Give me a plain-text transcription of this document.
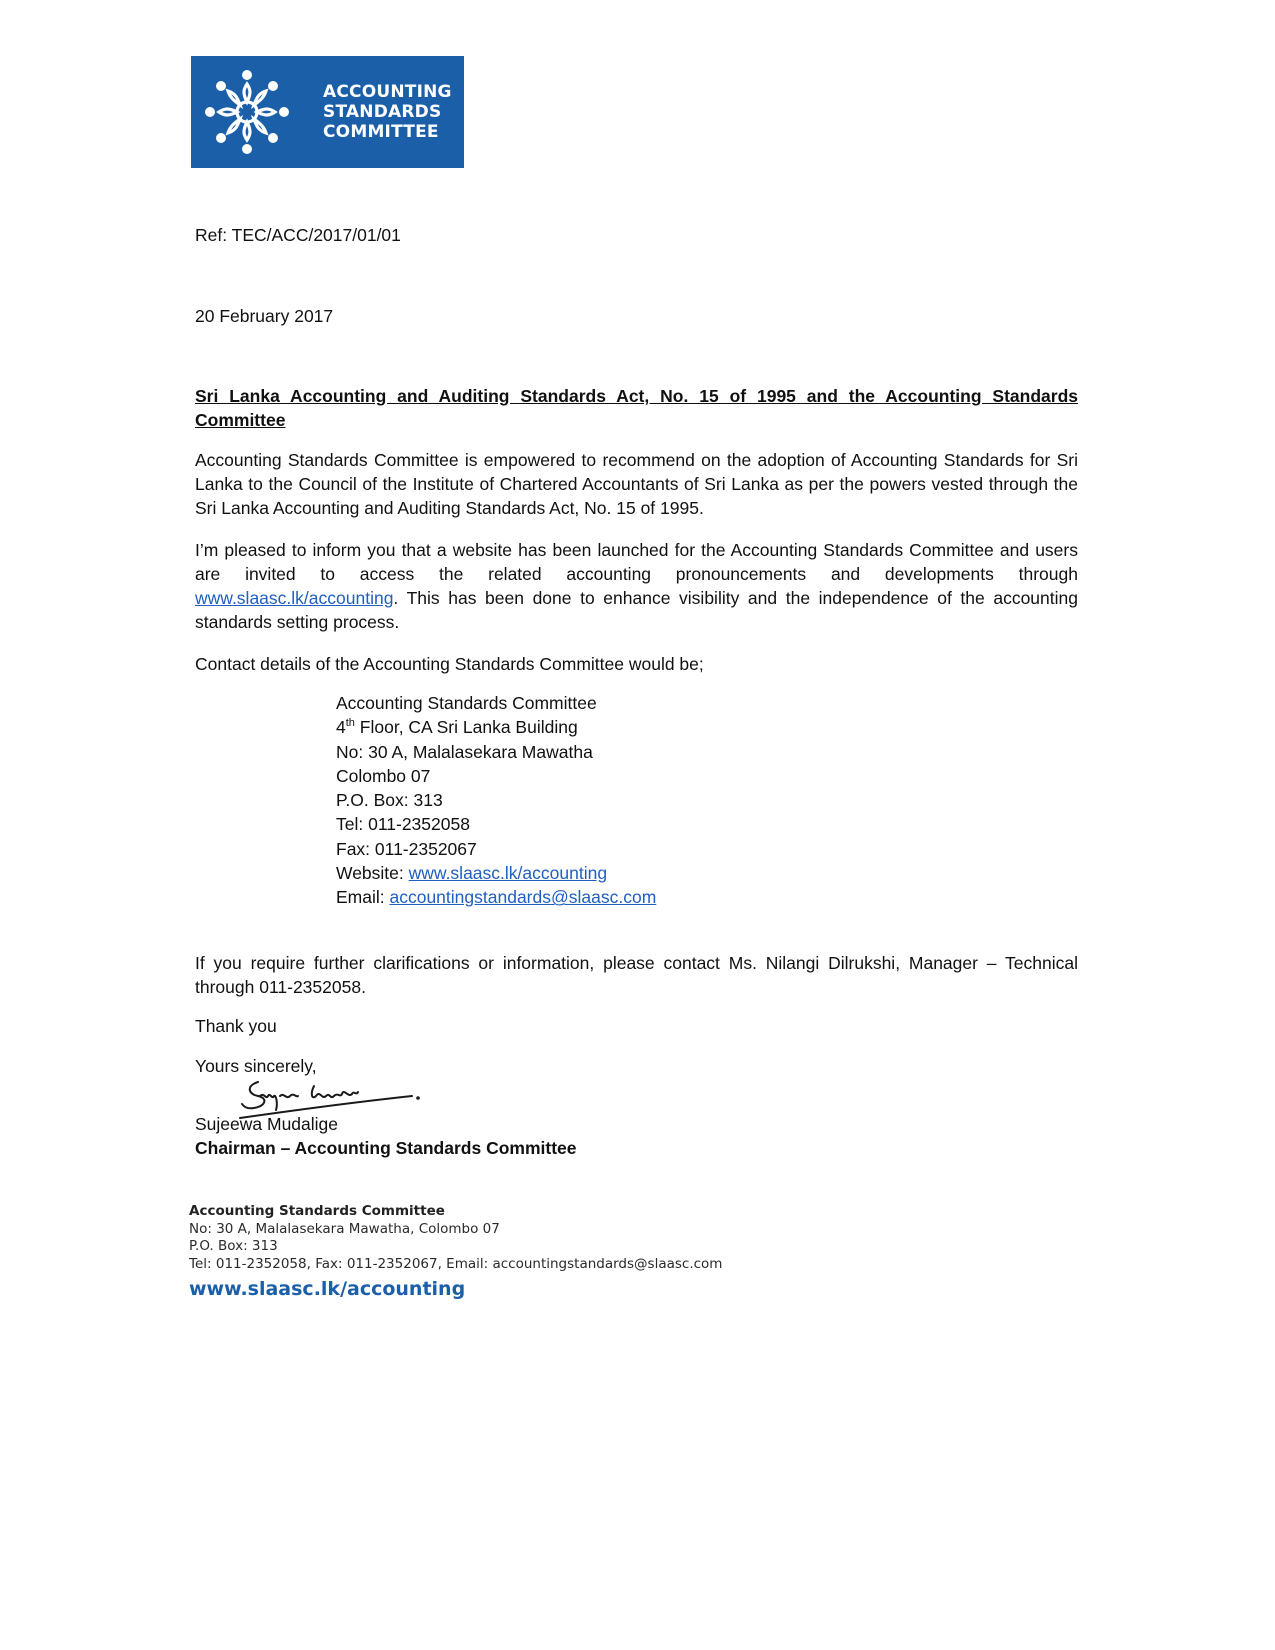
ACCOUNTING
STANDARDS
COMMITTEE
Ref: TEC/ACC/2017/01/01
20 February 2017
Sri Lanka Accounting and Auditing Standards Act, No. 15 of 1995 and the Accounting Standards Committee
Accounting Standards Committee is empowered to recommend on the adoption of Accounting Standards for Sri Lanka to the Council of the Institute of Chartered Accountants of Sri Lanka as per the powers vested through the Sri Lanka Accounting and Auditing Standards Act, No. 15 of 1995.
I’m pleased to inform you that a website has been launched for the Accounting Standards Committee and users are invited to access the related accounting pronouncements and developments through www.slaasc.lk/accounting. This has been done to enhance visibility and the independence of the accounting standards setting process.
Contact details of the Accounting Standards Committee would be;
Accounting Standards Committee
4th Floor, CA Sri Lanka Building
No: 30 A, Malalasekara Mawatha
Colombo 07
P.O. Box: 313
Tel: 011-2352058
Fax: 011-2352067
Website: www.slaasc.lk/accounting
Email: accountingstandards@slaasc.com
If you require further clarifications or information, please contact Ms. Nilangi Dilrukshi, Manager – Technical through 011-2352058.
Thank you
Yours sincerely,
Sujeewa Mudalige
Chairman – Accounting Standards Committee
Accounting Standards Committee
No: 30 A, Malalasekara Mawatha, Colombo 07
P.O. Box: 313
Tel: 011-2352058, Fax: 011-2352067, Email: accountingstandards@slaasc.com
www.slaasc.lk/accounting
